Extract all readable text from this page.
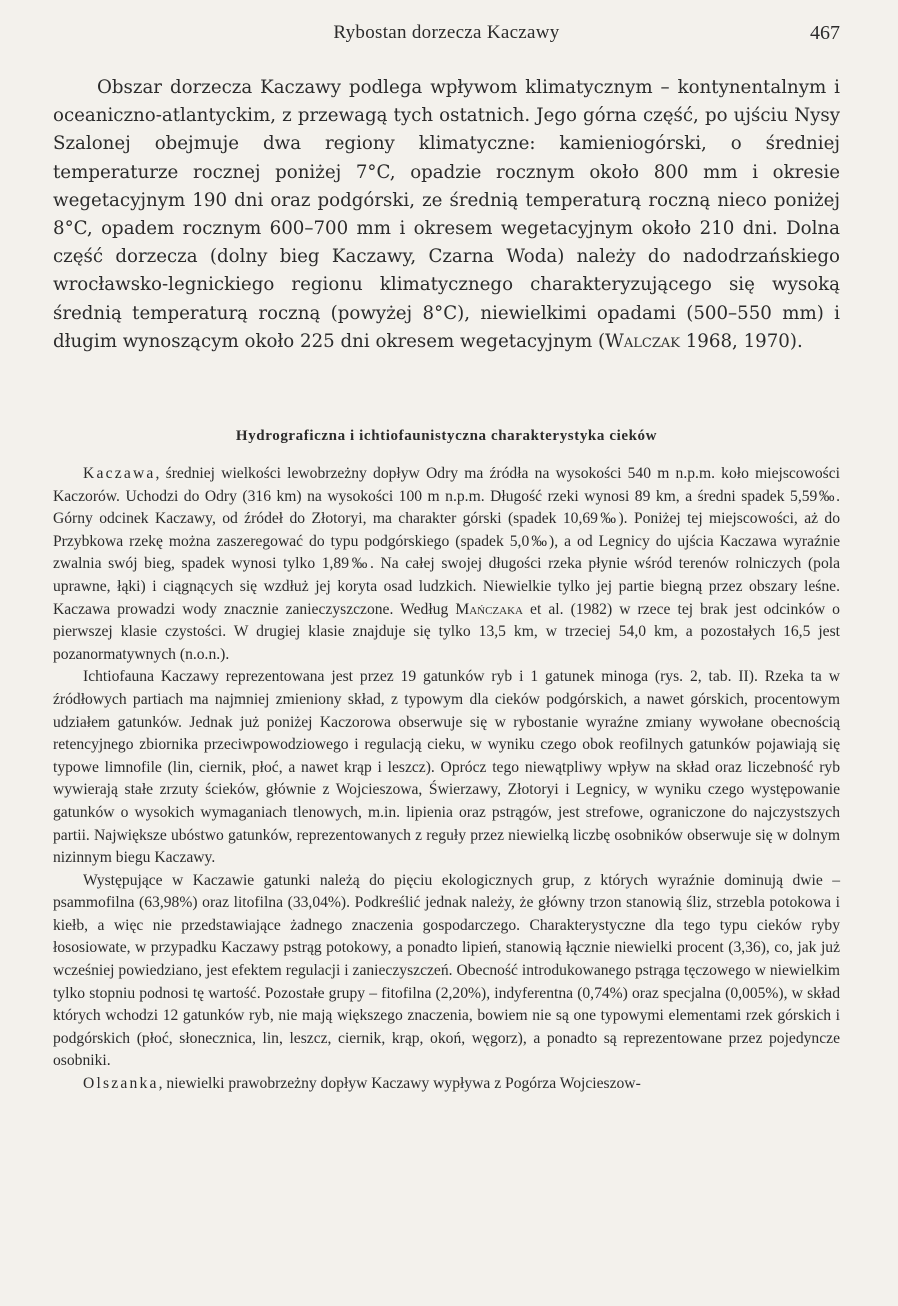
Rybostan dorzecza Kaczawy	467

Obszar dorzecza Kaczawy podlega wpływom klimatycznym – kontynentalnym i oceaniczno-atlantyckim, z przewagą tych ostatnich. Jego górna część, po ujściu Nysy Szalonej obejmuje dwa regiony klimatyczne: kamieniogórski, o średniej temperaturze rocznej poniżej 7°C, opadzie rocznym około 800 mm i okresie wegetacyjnym 190 dni oraz podgórski, ze średnią temperaturą roczną nieco poniżej 8°C, opadem rocznym 600–700 mm i okresem wegetacyjnym około 210 dni. Dolna część dorzecza (dolny bieg Kaczawy, Czarna Woda) należy do nadodrzańskiego wrocławsko-legnickiego regionu klimatycznego charakteryzującego się wysoką średnią temperaturą roczną (powyżej 8°C), niewielkimi opadami (500–550 mm) i długim wynoszącym około 225 dni okresem wegetacyjnym (Walczak 1968, 1970).

Hydrograficzna i ichtiofaunistyczna charakterystyka cieków

Kaczawa, średniej wielkości lewobrzeżny dopływ Odry ma źródła na wysokości 540 m n.p.m. koło miejscowości Kaczorów. Uchodzi do Odry (316 km) na wysokości 100 m n.p.m. Długość rzeki wynosi 89 km, a średni spadek 5,59‰. Górny odcinek Kaczawy, od źródeł do Złotoryi, ma charakter górski (spadek 10,69‰). Poniżej tej miejscowości, aż do Przybkowa rzekę można zaszeregować do typu podgórskiego (spadek 5,0‰), a od Legnicy do ujścia Kaczawa wyraźnie zwalnia swój bieg, spadek wynosi tylko 1,89‰. Na całej swojej długości rzeka płynie wśród terenów rolniczych (pola uprawne, łąki) i ciągnących się wzdłuż jej koryta osad ludzkich. Niewielkie tylko jej partie biegną przez obszary leśne. Kaczawa prowadzi wody znacznie zanieczyszczone. Według Mańczaka et al. (1982) w rzece tej brak jest odcinków o pierwszej klasie czystości. W drugiej klasie znajduje się tylko 13,5 km, w trzeciej 54,0 km, a pozostałych 16,5 jest pozanormatywnych (n.o.n.).

Ichtiofauna Kaczawy reprezentowana jest przez 19 gatunków ryb i 1 gatunek minoga (rys. 2, tab. II). Rzeka ta w źródłowych partiach ma najmniej zmieniony skład, z typowym dla cieków podgórskich, a nawet górskich, procentowym udziałem gatunków. Jednak już poniżej Kaczorowa obserwuje się w rybostanie wyraźne zmiany wywołane obecnością retencyjnego zbiornika przeciwpowodziowego i regulacją cieku, w wyniku czego obok reofilnych gatunków pojawiają się typowe limnofile (lin, ciernik, płoć, a nawet krąp i leszcz). Oprócz tego niewątpliwy wpływ na skład oraz liczebność ryb wywierają stałe zrzuty ścieków, głównie z Wojcieszowa, Świerzawy, Złotoryi i Legnicy, w wyniku czego występowanie gatunków o wysokich wymaganiach tlenowych, m.in. lipienia oraz pstrągów, jest strefowe, ograniczone do najczystszych partii. Największe ubóstwo gatunków, reprezentowanych z reguły przez niewielką liczbę osobników obserwuje się w dolnym nizinnym biegu Kaczawy.

Występujące w Kaczawie gatunki należą do pięciu ekologicznych grup, z których wyraźnie dominują dwie – psammofilna (63,98%) oraz litofilna (33,04%). Podkreślić jednak należy, że główny trzon stanowią śliz, strzebla potokowa i kiełb, a więc nie przedstawiające żadnego znaczenia gospodarczego. Charakterystyczne dla tego typu cieków ryby łososiowate, w przypadku Kaczawy pstrąg potokowy, a ponadto lipień, stanowią łącznie niewielki procent (3,36), co, jak już wcześniej powiedziano, jest efektem regulacji i zanieczyszczeń. Obecność introdukowanego pstrąga tęczowego w niewielkim tylko stopniu podnosi tę wartość. Pozostałe grupy – fitofilna (2,20%), indyferentna (0,74%) oraz specjalna (0,005%), w skład których wchodzi 12 gatunków ryb, nie mają większego znaczenia, bowiem nie są one typowymi elementami rzek górskich i podgórskich (płoć, słonecznica, lin, leszcz, ciernik, krąp, okoń, węgorz), a ponadto są reprezentowane przez pojedyncze osobniki.

Olszanka, niewielki prawobrzeżny dopływ Kaczawy wypływa z Pogórza Wojcieszow-
